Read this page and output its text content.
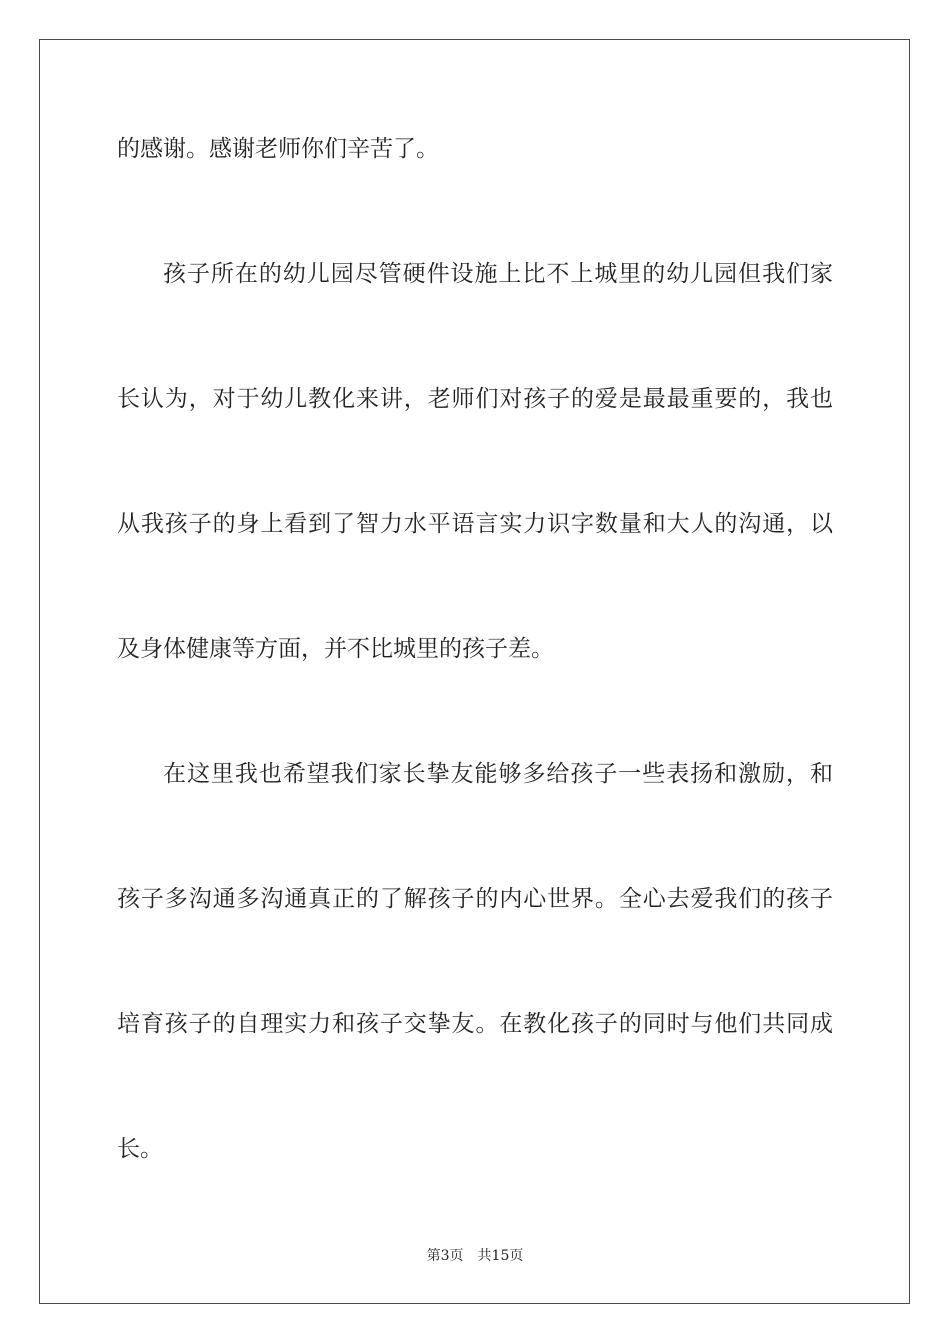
的感谢。感谢老师你们辛苦了。
孩子所在的幼儿园尽管硬件设施上比不上城里的幼儿园但我们家
长认为，对于幼儿教化来讲，老师们对孩子的爱是最最重要的，我也
从我孩子的身上看到了智力水平语言实力识字数量和大人的沟通，以
及身体健康等方面，并不比城里的孩子差。
在这里我也希望我们家长挚友能够多给孩子一些表扬和激励，和
孩子多沟通多沟通真正的了解孩子的内心世界。全心去爱我们的孩子
培育孩子的自理实力和孩子交挚友。在教化孩子的同时与他们共同成
长。
第3页 共15页
